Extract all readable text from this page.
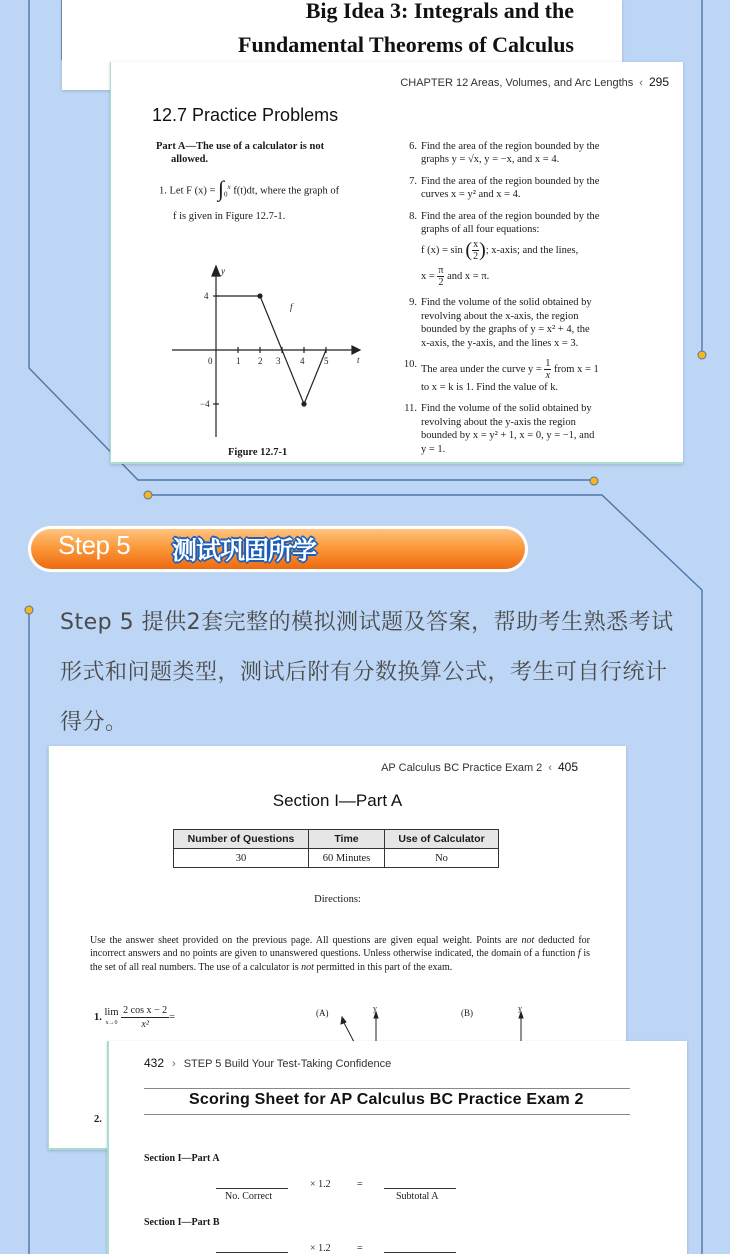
Big Idea 3: Integrals and the
Fundamental Theorems of Calculus
CHAPTER 12 Areas, Volumes, and Arc Lengths ‹ 295
12.7 Practice Problems
Part A—The use of a calculator is not
allowed.
1. Let F $(x) = \int_0^x$ f(t)dt, where the graph of
f is given in Figure 12.7-1.
y
t
f
4
−4
0	1 2 3 4 5
Figure 12.7-1
6. Find the area of the region bounded by the
graphs y = √x, y = −x, and x = 4.
7. Find the area of the region bounded by the
curves x = y² and x = 4.
8. Find the area of the region bounded by the
graphs of all four equations:
f (x) = sin ( $\frac{x}{2}$ ); x-axis; and the lines,
$x = \frac{\pi}{2}$ and x = π.
9. Find the volume of the solid obtained by
revolving about the x-axis, the region
bounded by the graphs of y = x² + 4, the
x-axis, the y-axis, and the lines x = 3.
10. The area under the curve $y = \frac{1}{x}$ from x = 1
to x = k is 1. Find the value of k.
11. Find the volume of the solid obtained by
revolving about the y-axis the region
bounded by x = y² + 1, x = 0, y = −1, and
y = 1.
Step 5 测试巩固所学
Step 5 提供2套完整的模拟测试题及答案，帮助考生熟悉考试形式和问题类型，测试后附有分数换算公式，考生可自行统计得分。
AP Calculus BC Practice Exam 2 ‹ 405
Section I—Part A
Number of Questions	Time	Use of Calculator
30	60 Minutes	No
Directions:
Use the answer sheet provided on the previous page. All questions are given equal weight. Points are not deducted for incorrect answers and no points are given to unanswered questions. Unless otherwise indicated, the domain of a function f is the set of all real numbers. The use of a calculator is not permitted in this part of the exam.
1. lim
x→0
$\frac{\text{2 cos x − 2}}{\text{x²}}$ =	(A)	(B)
y	y
2.
432 › STEP 5 Build Your Test-Taking Confidence
Scoring Sheet for AP Calculus BC Practice Exam 2
Section I—Part A
× 1.2	=
No. Correct	Subtotal A
Section I—Part B
× 1.2	=
